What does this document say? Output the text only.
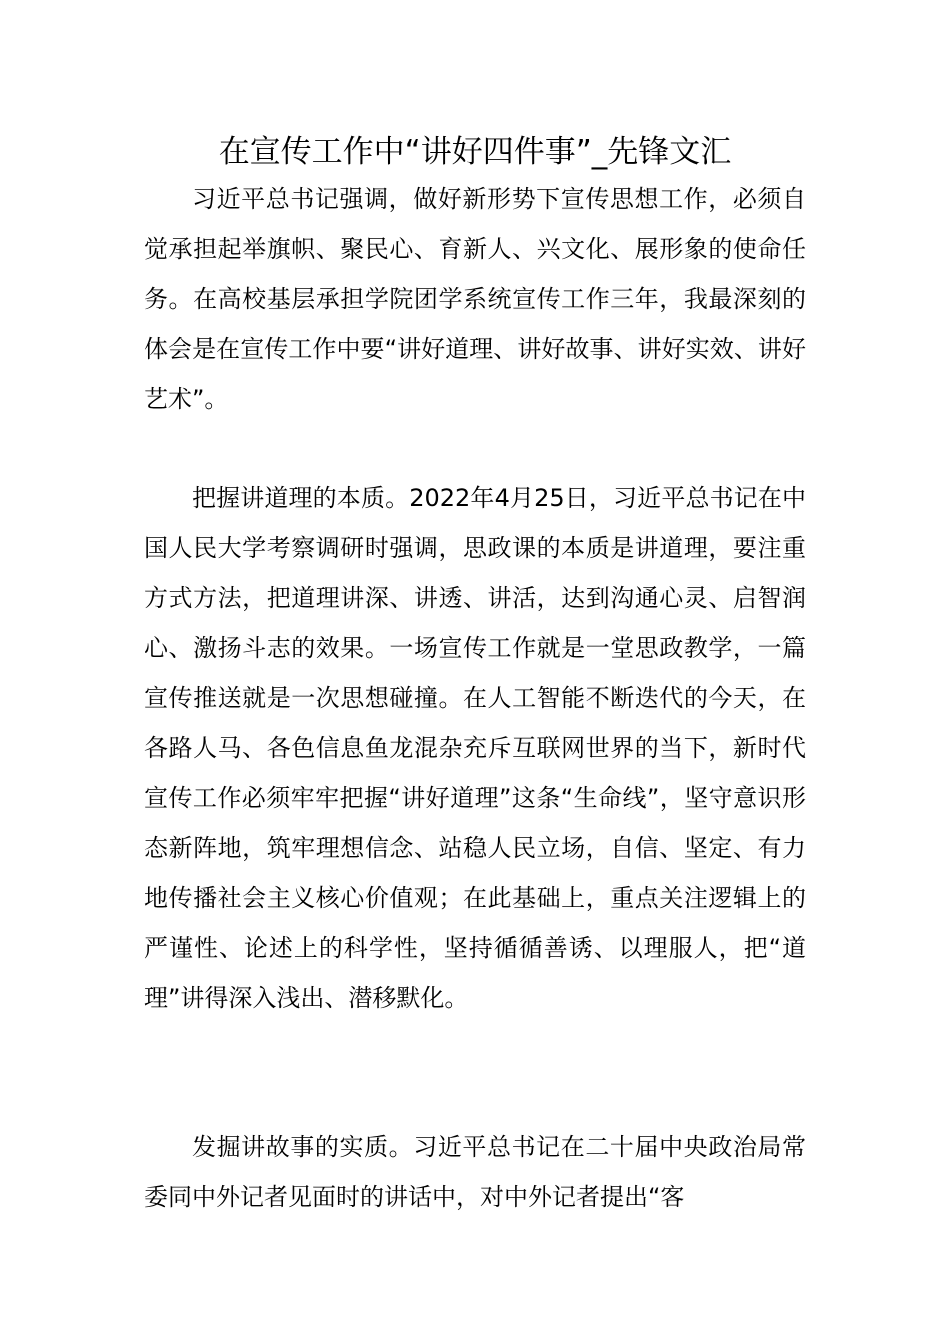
在宣传工作中“讲好四件事”_先锋文汇

习近平总书记强调，做好新形势下宣传思想工作，必须自觉承担起举旗帜、聚民心、育新人、兴文化、展形象的使命任务。在高校基层承担学院团学系统宣传工作三年，我最深刻的体会是在宣传工作中要“讲好道理、讲好故事、讲好实效、讲好艺术”。

把握讲道理的本质。2022年4月25日，习近平总书记在中国人民大学考察调研时强调，思政课的本质是讲道理，要注重方式方法，把道理讲深、讲透、讲活，达到沟通心灵、启智润心、激扬斗志的效果。一场宣传工作就是一堂思政教学，一篇宣传推送就是一次思想碰撞。在人工智能不断迭代的今天，在各路人马、各色信息鱼龙混杂充斥互联网世界的当下，新时代宣传工作必须牢牢把握“讲好道理”这条“生命线”，坚守意识形态新阵地，筑牢理想信念、站稳人民立场，自信、坚定、有力地传播社会主义核心价值观；在此基础上，重点关注逻辑上的严谨性、论述上的科学性，坚持循循善诱、以理服人，把“道理”讲得深入浅出、潜移默化。

发掘讲故事的实质。习近平总书记在二十届中央政治局常委同中外记者见面时的讲话中，对中外记者提出“客
